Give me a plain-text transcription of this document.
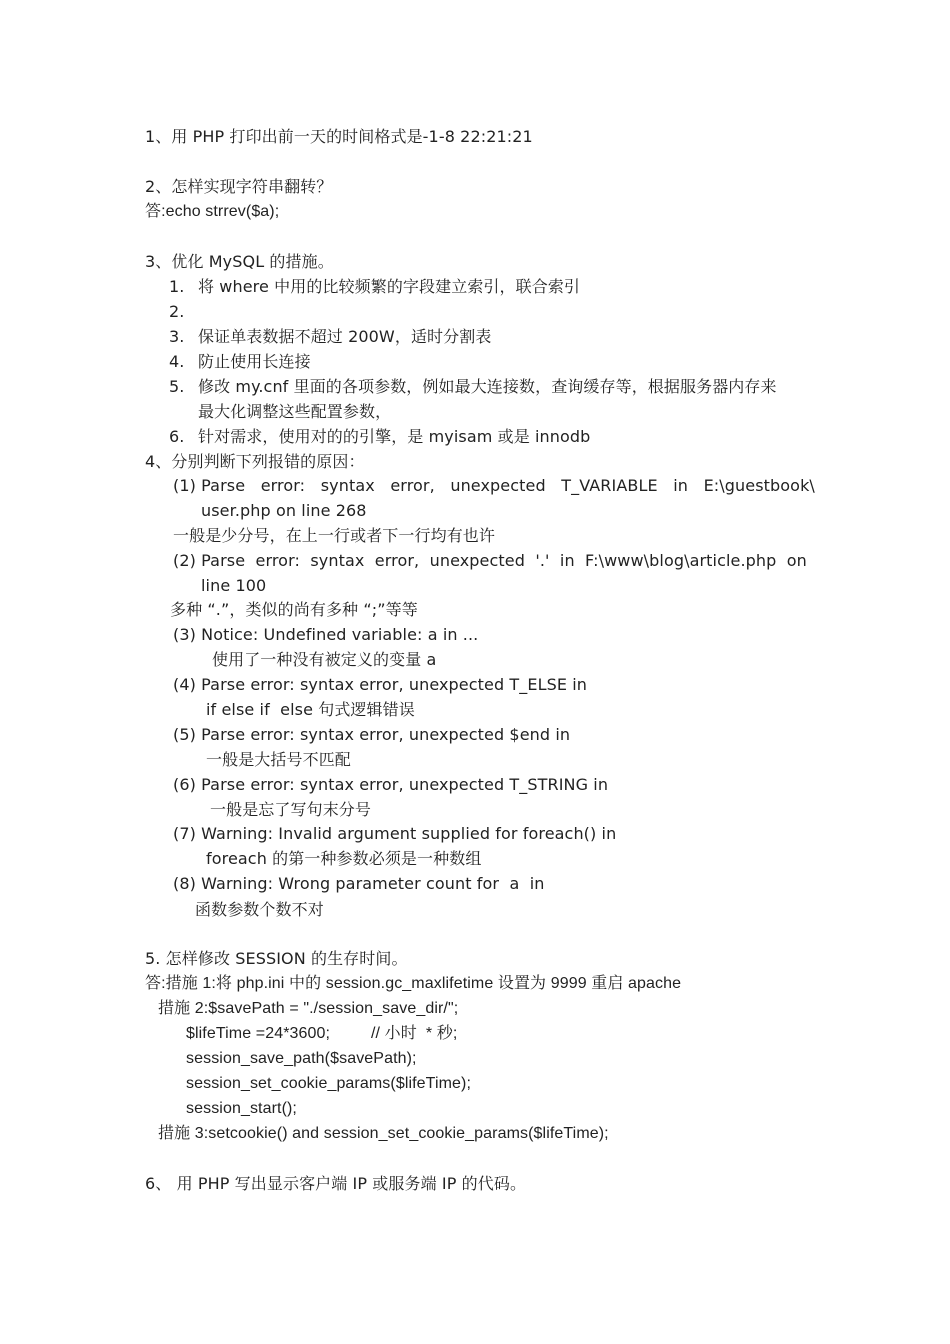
1、用 PHP 打印出前一天的时间格式是-1-8 22:21:21
2、怎样实现字符串翻转？
答:echo strrev($a);
3、优化 MySQL 的措施。
1. 将 where 中用的比较频繁的字段建立索引，联合索引
2.
3. 保证单表数据不超过 200W，适时分割表
4. 防止使用长连接
5. 修改 my.cnf 里面的各项参数，例如最大连接数，查询缓存等，根据服务器内存来
最大化调整这些配置参数，
6. 针对需求，使用对的的引擎，是 myisam 或是 innodb
4、分别判断下列报错的原因：
(1) Parse   error:   syntax   error,   unexpected   T_VARIABLE   in   E:\guestbook\
user.php on line 268
一般是少分号，在上一行或者下一行均有也许
(2) Parse  error:  syntax  error,  unexpected  '.'  in  F:\www\blog\article.php  on
line 100
多种 “.”，类似的尚有多种 “;”等等
(3) Notice: Undefined variable: a in ...
使用了一种没有被定义的变量 a
(4) Parse error: syntax error, unexpected T_ELSE in
if else if  else 句式逻辑错误
(5) Parse error: syntax error, unexpected $end in
一般是大括号不匹配
(6) Parse error: syntax error, unexpected T_STRING in
一般是忘了写句末分号
(7) Warning: Invalid argument supplied for foreach() in
foreach 的第一种参数必须是一种数组
(8) Warning: Wrong parameter count for  a  in
函数参数个数不对
5. 怎样修改 SESSION 的生存时间。
答:措施 1:将 php.ini 中的 session.gc_maxlifetime 设置为 9999 重启 apache
措施 2:$savePath = "./session_save_dir/";
$lifeTime =24*3600;         // 小时  * 秒;
session_save_path($savePath);
session_set_cookie_params($lifeTime);
session_start();
措施 3:setcookie() and session_set_cookie_params($lifeTime);
6、 用 PHP 写出显示客户端 IP 或服务端 IP 的代码。
